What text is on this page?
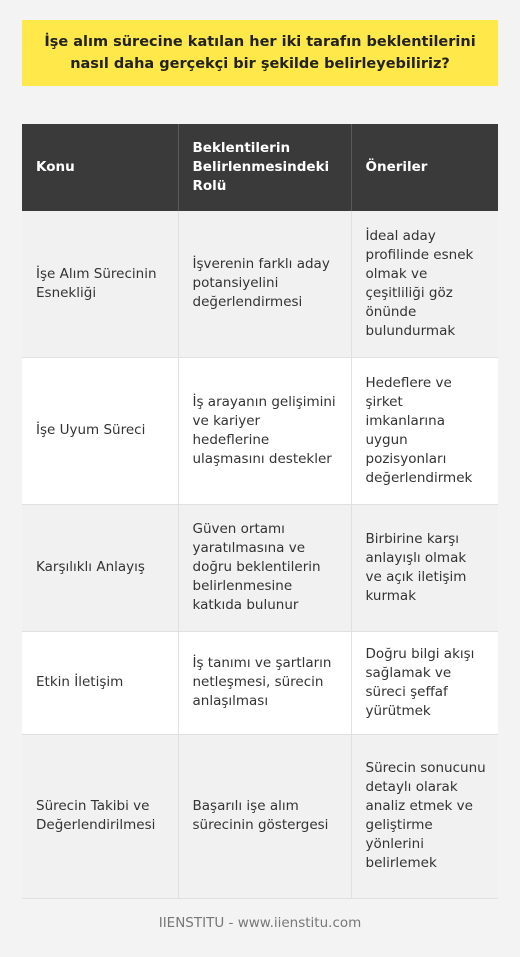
İşe alım sürecine katılan her iki tarafın beklentilerini nasıl daha gerçekçi bir şekilde belirleyebiliriz?
Konu	Beklentilerin Belirlenmesindeki Rolü	Öneriler
İşe Alım Sürecinin Esnekliği	İşverenin farklı aday potansiyelini değerlendirmesi	İdeal aday profilinde esnek olmak ve çeşitliliği göz önünde bulundurmak
İşe Uyum Süreci	İş arayanın gelişimini ve kariyer hedeflerine ulaşmasını destekler	Hedeflere ve şirket imkanlarına uygun pozisyonları değerlendirmek
Karşılıklı Anlayış	Güven ortamı yaratılmasına ve doğru beklentilerin belirlenmesine katkıda bulunur	Birbirine karşı anlayışlı olmak ve açık iletişim kurmak
Etkin İletişim	İş tanımı ve şartların netleşmesi, sürecin anlaşılması	Doğru bilgi akışı sağlamak ve süreci şeffaf yürütmek
Sürecin Takibi ve Değerlendirilmesi	Başarılı işe alım sürecinin göstergesi	Sürecin sonucunu detaylı olarak analiz etmek ve geliştirme yönlerini belirlemek
IIENSTITU - www.iienstitu.com
